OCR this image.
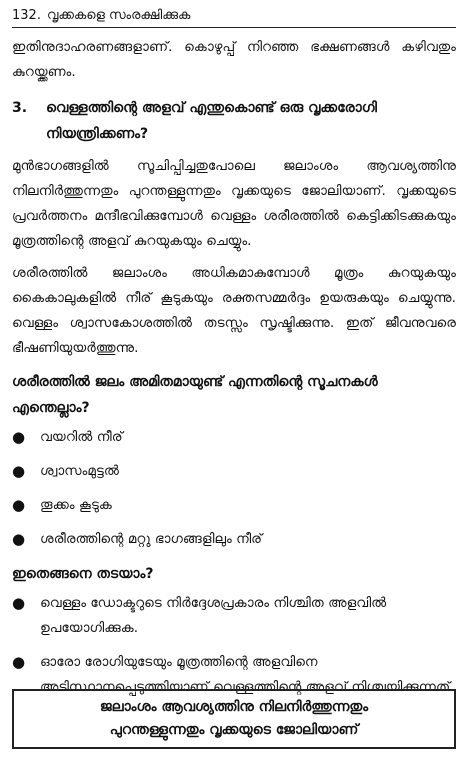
132. വൃക്കകളെ സംരക്ഷിക്കുക

ഇതിനുദാഹരണങ്ങളാണ്. കൊഴുപ്പ് നിറഞ്ഞ ഭക്ഷണങ്ങൾ കഴിവതും കുറയ്ക്കണം.

3.	വെള്ളത്തിന്റെ അളവ് എന്തുകൊണ്ട് ഒരു വൃക്കരോഗി നിയന്ത്രിക്കണം?

മുൻഭാഗങ്ങളിൽ സൂചിപ്പിച്ചതുപോലെ ജലാംശം ആവശ്യത്തിനു നിലനിർത്തുന്നതും പുറന്തള്ളുന്നതും വൃക്കയുടെ ജോലിയാണ്. വൃക്കയുടെ പ്രവർത്തനം മന്ദീഭവിക്കുമ്പോൾ വെള്ളം ശരീരത്തിൽ കെട്ടിക്കിടക്കുകയും മൂത്രത്തിന്റെ അളവ് കുറയുകയും ചെയ്യും.

ശരീരത്തിൽ ജലാംശം അധികമാകുമ്പോൾ മൂത്രം കുറയുകയും കൈകാലുകളിൽ നീര് കൂടുകയും രക്തസമ്മർദ്ദം ഉയരുകയും ചെയ്യുന്നു. വെള്ളം ശ്വാസകോശത്തിൽ തടസ്സം സൃഷ്ടിക്കുന്നു. ഇത് ജീവനുവരെ ഭീഷണിയുയർത്തുന്നു.

ശരീരത്തിൽ ജലം അമിതമായുണ്ട് എന്നതിന്റെ സൂചനകൾ എന്തെല്ലാം?
●	വയറിൽ നീര്
●	ശ്വാസംമുട്ടൽ
●	തൂക്കം കൂടുക
●	ശരീരത്തിന്റെ മറ്റു ഭാഗങ്ങളിലും നീര്
ഇതെങ്ങനെ തടയാം?
●	വെള്ളം ഡോക്ടറുടെ നിർദ്ദേശപ്രകാരം നിശ്ചിത അളവിൽ ഉപയോഗിക്കുക.
●	ഓരോ രോഗിയുടേയും മൂത്രത്തിന്റെ അളവിനെ അടിസ്ഥാനപ്പെടുത്തിയാണ് വെള്ളത്തിന്റെ അളവ് നിശ്ചയിക്കുന്നത്.
ജലാംശം ആവശ്യത്തിനു നിലനിർത്തുന്നതും
പുറന്തള്ളുന്നതും വൃക്കയുടെ ജോലിയാണ്
